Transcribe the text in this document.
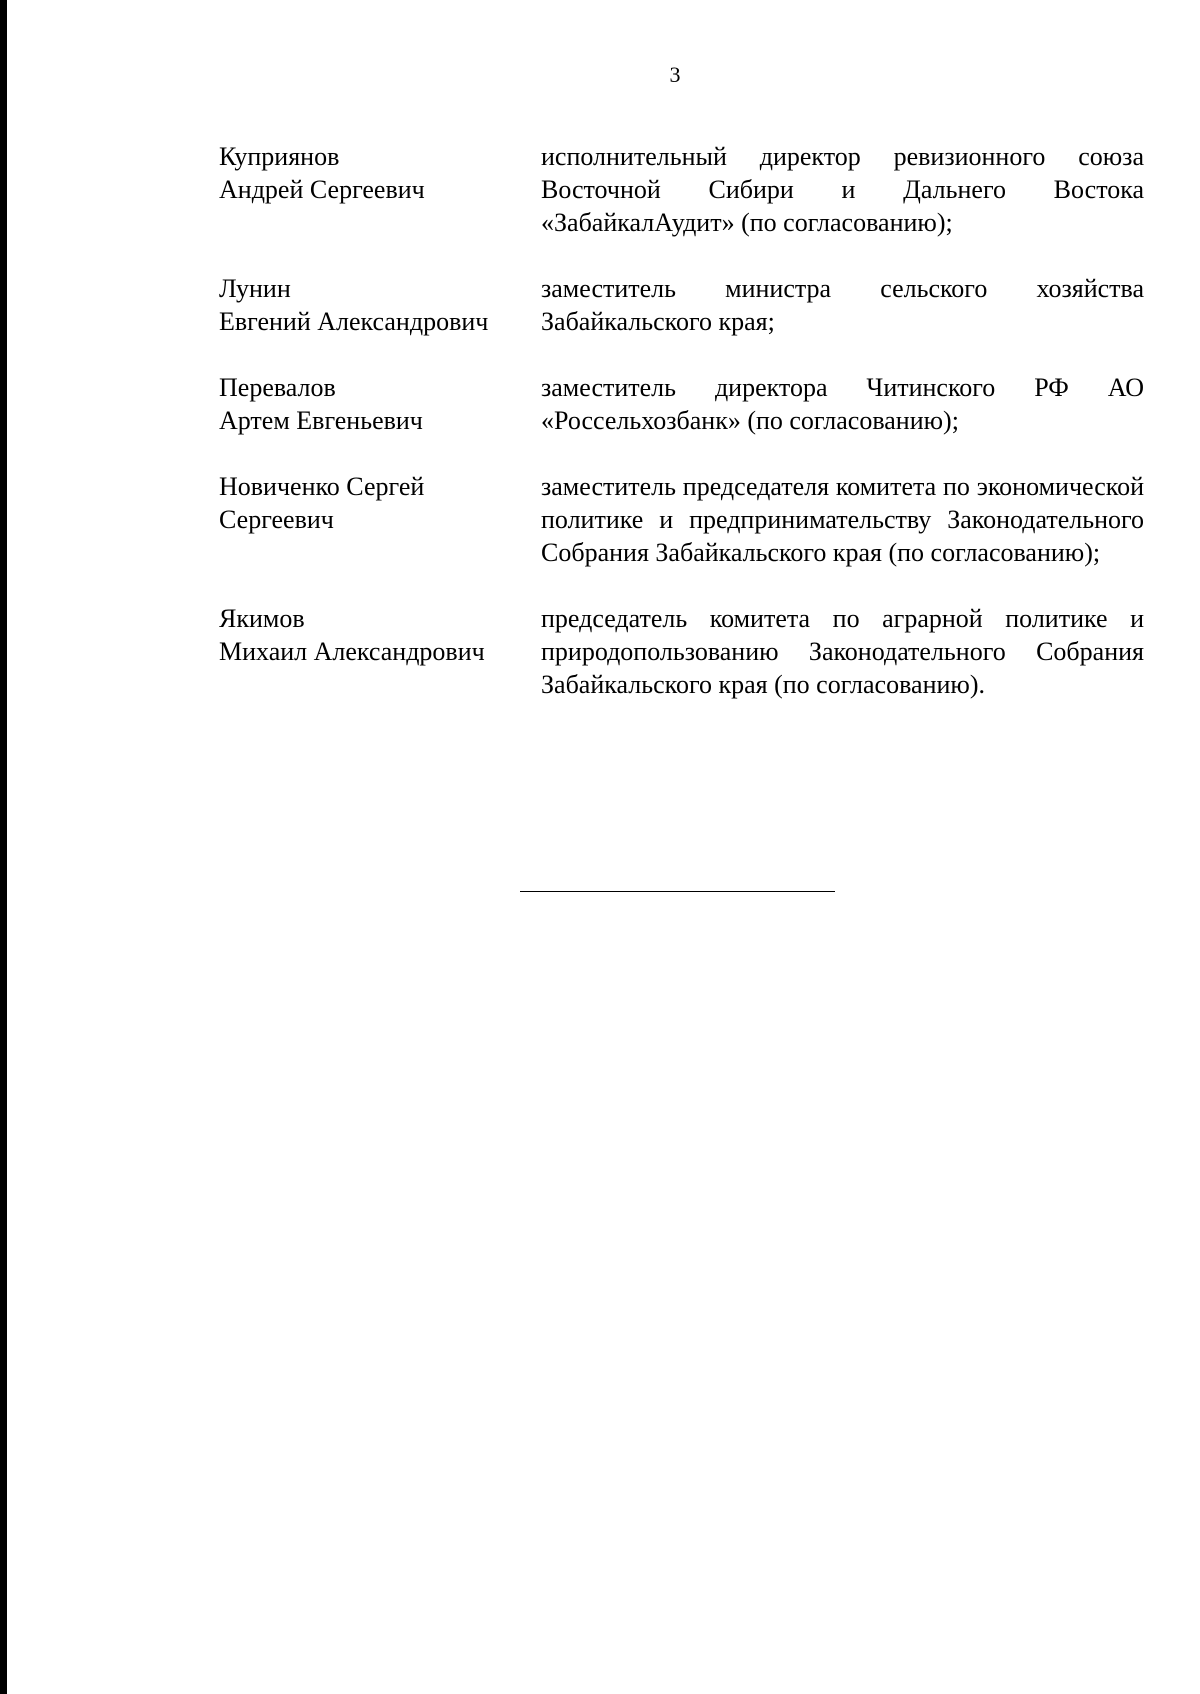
3
Куприянов
Андрей Сергеевич
исполнительный директор ревизионного союза Восточной Сибири и Дальнего Востока «ЗабайкалАудит» (по согласованию);
Лунин
Евгений Александрович
заместитель министра сельского хозяйства Забайкальского края;
Перевалов
Артем Евгеньевич
заместитель директора Читинского РФ АО «Россельхозбанк» (по согласованию);
Новиченко Сергей
Сергеевич
заместитель председателя комитета по экономической политике и предпринимательству Законодательного Собрания Забайкальского края (по согласованию);
Якимов
Михаил Александрович
председатель комитета по аграрной политике и природопользованию Законодательного Собрания Забайкальского края (по согласованию).
